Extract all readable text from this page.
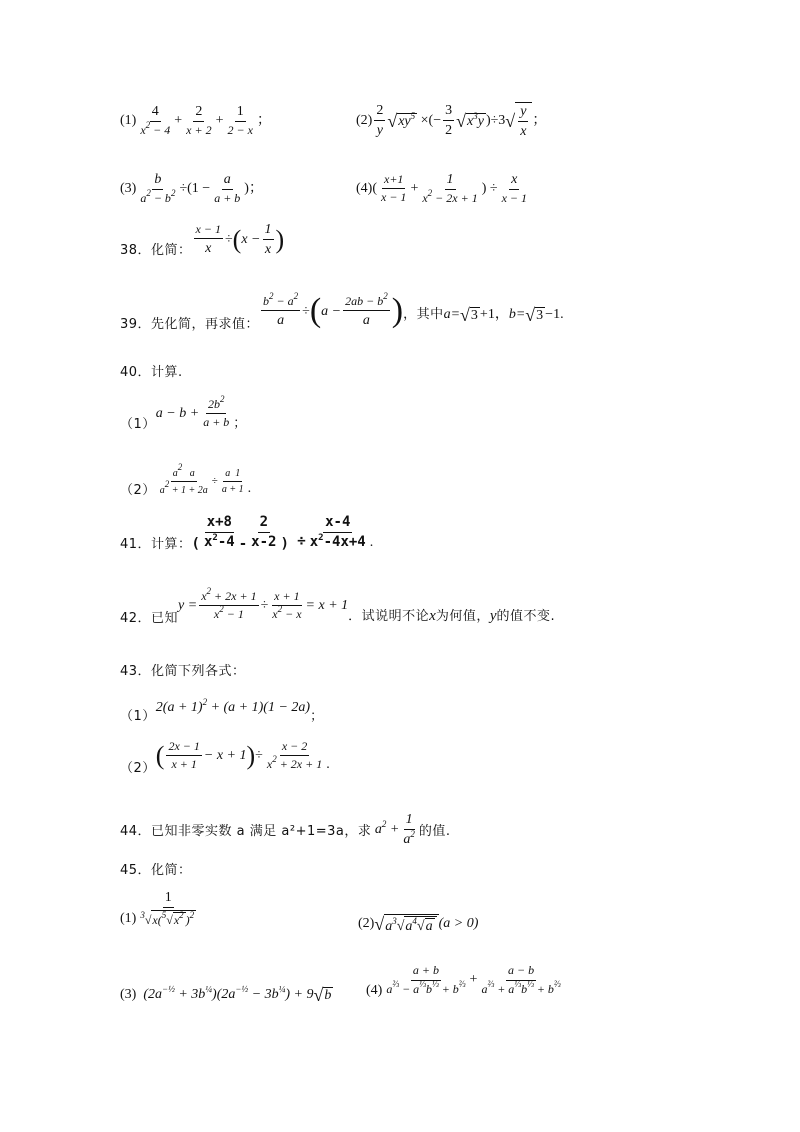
$(1) \frac{4}{x^2 - 4} + \frac{2}{x + 2} + \frac{1}{2 - x}$ ；	$(2) \frac{2}{y}$ √ $xy^5$ ×(− $\frac{3}{2}$ √ $x^3y$ )÷3 √ $\frac{y}{x}$ ；
$(3) \frac{b}{a^2 - b^2} \div(1 - \frac{a}{a + b}$ ) ；	(4) ( $\frac{x+1}{x - 1} + \frac{1}{x^2 - 2x + 1}$ ) ÷ $\frac{x}{x - 1}$
38．化简： $\frac{x - 1}{x}$ ÷ ( $x - \frac{1}{x}$ )
39．先化简，再求值： $\frac{b^2 - a^2}{a}$ ÷ ( $a - \frac{2ab - b^2}{a}$ ) ，其中 a= √ 3 +1， b= √ 3 −1.
40．计算.
（1）
$a - b + \frac{2b^2}{a + b}$ ；
$(2) \frac{a^2 a}{a^2 + 1 + 2a} \div \frac{a 1}{a + 1}$ .
41．计算： ( $\frac{x+8}{x^2-4} - \frac{2}{x-2}$ ) ÷ $\frac{x-4}{x^2-4x+4}$ .
42．已知
$y = \frac{x^2 + 2x + 1}{x^2 - 1} \div \frac{x + 1}{x^2 - x} = x + 1$
．试说明不论 x 为何值， y 的值不变.
43．化简下列各式：
（1）
$2(a + 1)^2 + (a + 1)(1 - 2a)$
；
（2） ( $\frac{2x - 1}{x + 1} - x + 1$ ) ÷ $\frac{x - 2}{x^2 + 2x + 1}$ .
44．已知非零实数 a 满足 a²+1=3a，求 $a^2 + \frac{1}{a^2}$ 的值.
45．化简：
$(1) \frac{1}{^3√x(^5√x^2 )^2}$	(2) √ $a^3√a^4√a$ (a > 0)
(3) $(2a^{-\frac{1}{2}} + 3b^{\frac{1}{4}})(2a^{-\frac{1}{2}} - 3b^{\frac{1}{4}}) + 9$ √ b $(4) \frac{a + b}{a^{\frac{2}{3}} - a^{\frac{1}{3}}b^{\frac{1}{3}} + b^{\frac{2}{3}}} + \frac{a - b}{a^{\frac{2}{3}} + a^{\frac{1}{3}}b^{\frac{1}{3}} + b^{\frac{2}{3}}}$
